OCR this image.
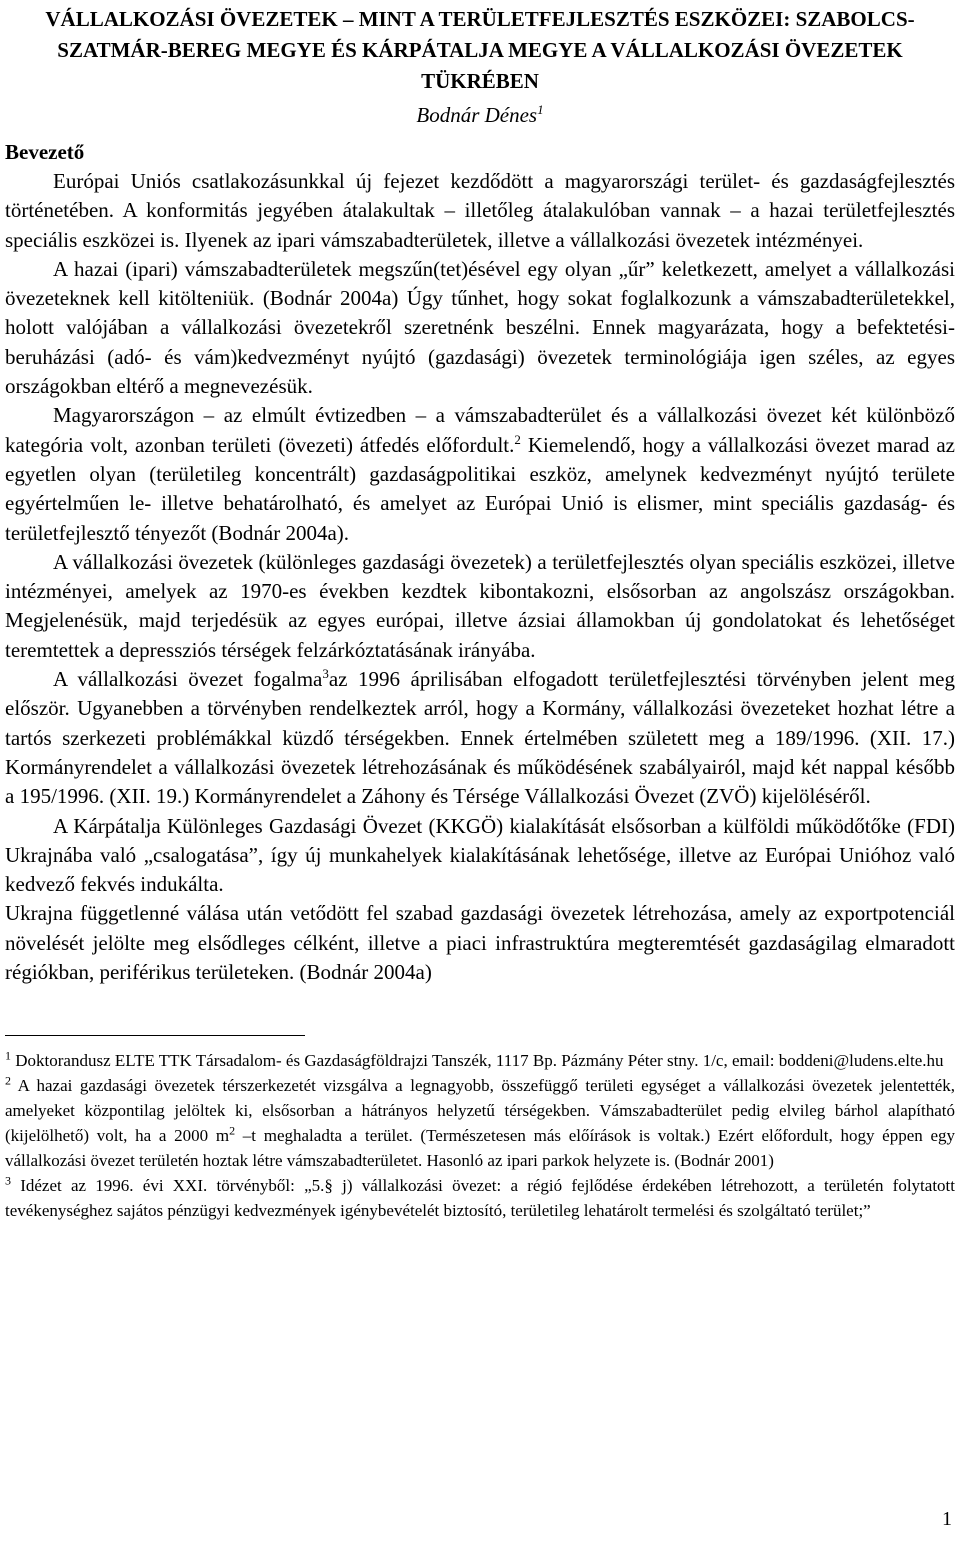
VÁLLALKOZÁSI ÖVEZETEK – MINT A TERÜLETFEJLESZTÉS ESZKÖZEI: SZABOLCS-SZATMÁR-BEREG MEGYE ÉS KÁRPÁTALJA MEGYE A VÁLLALKOZÁSI ÖVEZETEK TÜKRÉBEN
Bodnár Dénes$^1$
Bevezető

Európai Uniós csatlakozásunkkal új fejezet kezdődött a magyarországi terület- és gazdaságfejlesztés történetében. A konformitás jegyében átalakultak – illetőleg átalakulóban vannak – a hazai területfejlesztés speciális eszközei is. Ilyenek az ipari vámszabadterületek, illetve a vállalkozási övezetek intézményei.

A hazai (ipari) vámszabadterületek megszűn(tet)ésével egy olyan „űr” keletkezett, amelyet a vállalkozási övezeteknek kell kitölteniük. (Bodnár 2004a) Úgy tűnhet, hogy sokat foglalkozunk a vámszabadterületekkel, holott valójában a vállalkozási övezetekről szeretnénk beszélni. Ennek magyarázata, hogy a befektetési-beruházási (adó- és vám)kedvezményt nyújtó (gazdasági) övezetek terminológiája igen széles, az egyes országokban eltérő a megnevezésük.

Magyarországon – az elmúlt évtizedben – a vámszabadterület és a vállalkozási övezet két különböző kategória volt, azonban területi (övezeti) átfedés előfordult.$^2$ Kiemelendő, hogy a vállalkozási övezet marad az egyetlen olyan (területileg koncentrált) gazdaságpolitikai eszköz, amelynek kedvezményt nyújtó területe egyértelműen le- illetve behatárolható, és amelyet az Európai Unió is elismer, mint speciális gazdaság- és területfejlesztő tényezőt (Bodnár 2004a).

A vállalkozási övezetek (különleges gazdasági övezetek) a területfejlesztés olyan speciális eszközei, illetve intézményei, amelyek az 1970-es években kezdtek kibontakozni, elsősorban az angolszász országokban. Megjelenésük, majd terjedésük az egyes európai, illetve ázsiai államokban új gondolatokat és lehetőséget teremtettek a depressziós térségek felzárkóztatásának irányába.

A vállalkozási övezet fogalma$^3$az 1996 áprilisában elfogadott területfejlesztési törvényben jelent meg először. Ugyanebben a törvényben rendelkeztek arról, hogy a Kormány, vállalkozási övezeteket hozhat létre a tartós szerkezeti problémákkal küzdő térségekben. Ennek értelmében született meg a 189/1996. (XII. 17.) Kormányrendelet a vállalkozási övezetek létrehozásának és működésének szabályairól, majd két nappal később a 195/1996. (XII. 19.) Kormányrendelet a Záhony és Térsége Vállalkozási Övezet (ZVÖ) kijelöléséről.

A Kárpátalja Különleges Gazdasági Övezet (KKGÖ) kialakítását elsősorban a külföldi működőtőke (FDI) Ukrajnába való „csalogatása”, így új munkahelyek kialakításának lehetősége, illetve az Európai Unióhoz való kedvező fekvés indukálta.

Ukrajna függetlenné válása után vetődött fel szabad gazdasági övezetek létrehozása, amely az exportpotenciál növelését jelölte meg elsődleges célként, illetve a piaci infrastruktúra megteremtését gazdaságilag elmaradott régiókban, periférikus területeken. (Bodnár 2004a)

$^1$ Doktorandusz ELTE TTK Társadalom- és Gazdaságföldrajzi Tanszék, 1117 Bp. Pázmány Péter stny. 1/c, email: boddeni@ludens.elte.hu

$^2$ A hazai gazdasági övezetek térszerkezetét vizsgálva a legnagyobb, összefüggő területi egységet a vállalkozási övezetek jelentették, amelyeket központilag jelöltek ki, elsősorban a hátrányos helyzetű térségekben. Vámszabadterület pedig elvileg bárhol alapítható (kijelölhető) volt, ha a 2000 m$^2$ –t meghaladta a terület. (Természetesen más előírások is voltak.) Ezért előfordult, hogy éppen egy vállalkozási övezet területén hoztak létre vámszabadterületet. Hasonló az ipari parkok helyzete is. (Bodnár 2001)

$^3$ Idézet az 1996. évi XXI. törvényből: „5.§ j) vállalkozási övezet: a régió fejlődése érdekében létrehozott, a területén folytatott tevékenységhez sajátos pénzügyi kedvezmények igénybevételét biztosító, területileg lehatárolt termelési és szolgáltató terület;”

1
